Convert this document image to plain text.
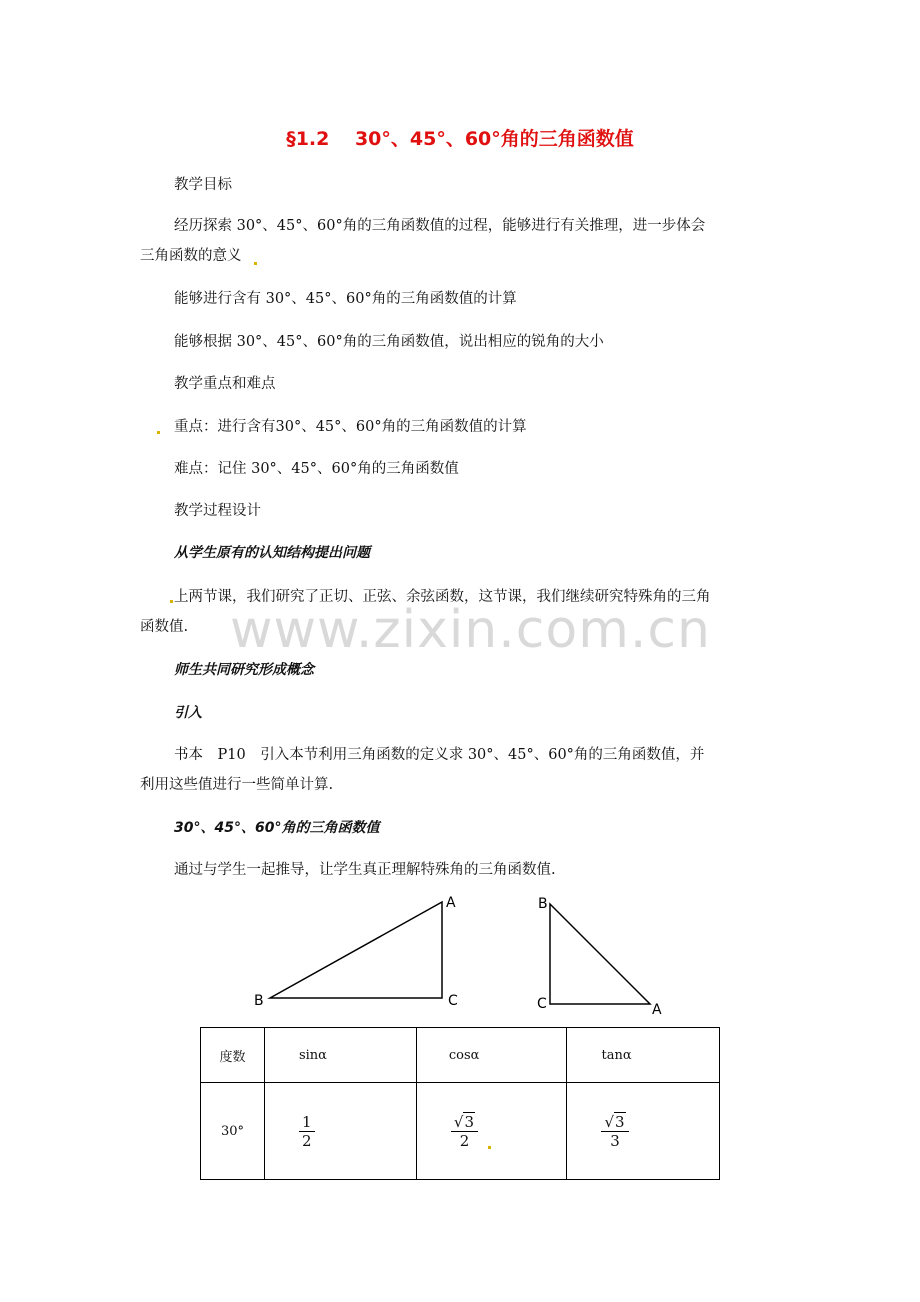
§1.2　 30°、45°、60°角的三角函数值
教学目标
经历探索 30°、45°、60°角的三角函数值的过程，能够进行有关推理，进一步体会
三角函数的意义
能够进行含有 30°、45°、60°角的三角函数值的计算
能够根据 30°、45°、60°角的三角函数值，说出相应的锐角的大小
教学重点和难点
重点：进行含有30°、45°、60°角的三角函数值的计算
难点：记住 30°、45°、60°角的三角函数值
教学过程设计
从学生原有的认知结构提出问题
www.zixin.com.cn
上两节课，我们研究了正切、正弦、余弦函数，这节课，我们继续研究特殊角的三角
函数值.
师生共同研究形成概念
引入
书本　P10　引入本节利用三角函数的定义求 30°、45°、60°角的三角函数值，并
利用这些值进行一些简单计算.
30°、45°、60°角的三角函数值
通过与学生一起推导，让学生真正理解特殊角的三角函数值.
A
B	C
B
C	A
度数	sinα	cosα	tanα
30°	$\frac{1}{2}$	$\frac{√3}{2}$	$\frac{√3}{3}$
